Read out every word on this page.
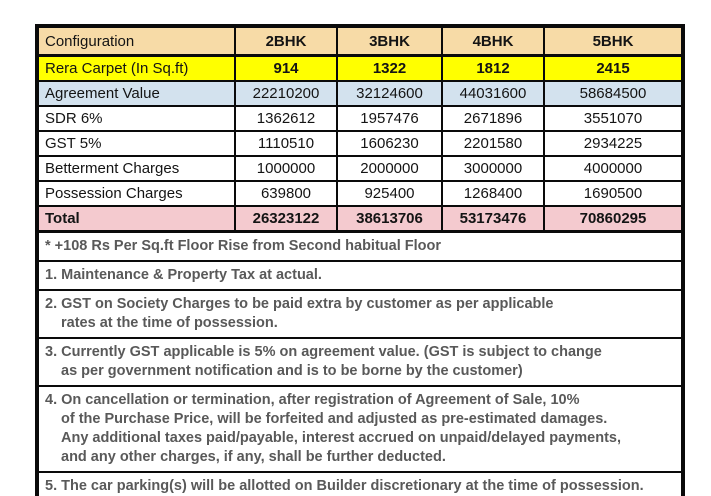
Configuration	2BHK	3BHK	4BHK	5BHK
Rera Carpet (In Sq.ft)	914	1322	1812	2415
Agreement Value	22210200	32124600	44031600	58684500
SDR 6%	1362612	1957476	2671896	3551070
GST 5%	1110510	1606230	2201580	2934225
Betterment Charges	1000000	2000000	3000000	4000000
Possession Charges	639800	925400	1268400	1690500
Total	26323122	38613706	53173476	70860295
* +108 Rs Per Sq.ft Floor Rise from Second habitual Floor
1. Maintenance & Property Tax at actual.
2. GST on Society Charges to be paid extra by customer as per applicable
rates at the time of possession.
3. Currently GST applicable is 5% on agreement value. (GST is subject to change
as per government notification and is to be borne by the customer)
4. On cancellation or termination, after registration of Agreement of Sale, 10%
of the Purchase Price, will be forfeited and adjusted as pre-estimated damages.
Any additional taxes paid/payable, interest accrued on unpaid/delayed payments,
and any other charges, if any, shall be further deducted.
5. The car parking(s) will be allotted on Builder discretionary at the time of possession.
